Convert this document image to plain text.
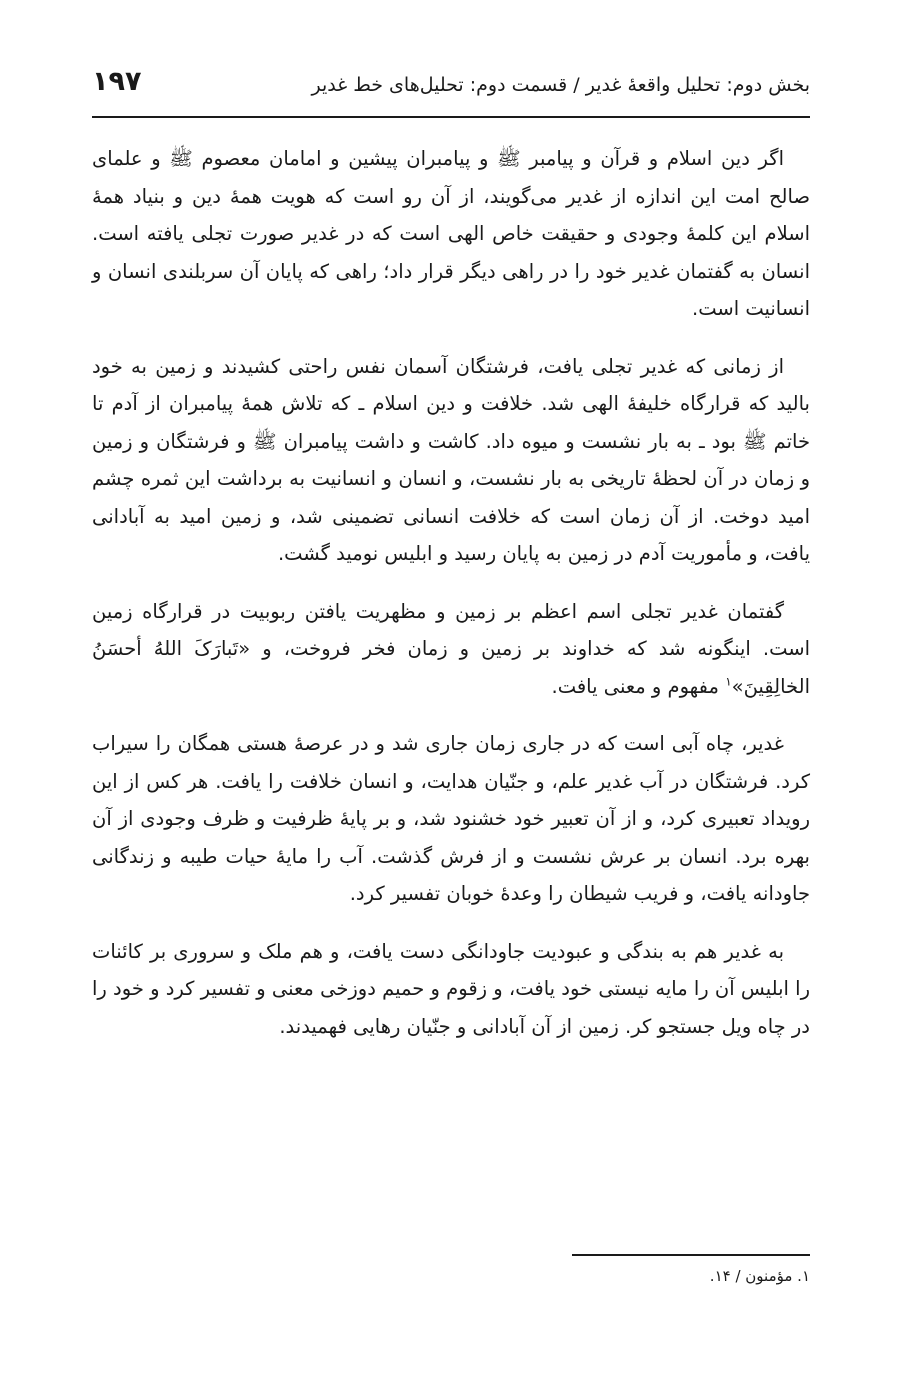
بخش دوم: تحلیل واقعۀ غدیر / قسمت دوم: تحلیل‌های خط غدیر
۱۹۷

اگر دین اسلام و قرآن و پیامبر ﷺ و پیامبران پیشین و امامان معصوم ﷺ و علمای صالح امت این اندازه از غدیر می‌گویند، از آن رو است که هویت همۀ دین و بنیاد همۀ اسلام این کلمۀ وجودی و حقیقت خاص الهی است که در غدیر صورت تجلی یافته است. انسان به گفتمان غدیر خود را در راهی دیگر قرار داد؛ راهی که پایان آن سربلندی انسان و انسانیت است.

از زمانی که غدیر تجلی یافت، فرشتگان آسمان نفس راحتی کشیدند و زمین به خود بالید که قرارگاه خلیفۀ الهی شد. خلافت و دین اسلام ـ که تلاش همۀ پیامبران از آدم تا خاتم ﷺ بود ـ به بار نشست و میوه داد. کاشت و داشت پیامبران ﷺ و فرشتگان و زمین و زمان در آن لحظۀ تاریخی به بار نشست، و انسان و انسانیت به برداشت این ثمره چشم امید دوخت. از آن زمان است که خلافت انسانی تضمینی شد، و زمین امید به آبادانی یافت، و مأموریت آدم در زمین به پایان رسید و ابلیس نومید گشت.

گفتمان غدیر تجلی اسم اعظم بر زمین و مظهریت یافتن ربوبیت در قرارگاه زمین است. اینگونه شد که خداوند بر زمین و زمان فخر فروخت، و «تَبارَکَ اللهُ أحسَنُ الخالِقِینَ»$^۱$ مفهوم و معنی یافت.

غدیر، چاه آبی است که در جاری زمان جاری شد و در عرصۀ هستی همگان را سیراب کرد. فرشتگان در آب غدیر علم، و جنّیان هدایت، و انسان خلافت را یافت. هر کس از این رویداد تعبیری کرد، و از آن تعبیر خود خشنود شد، و بر پایۀ ظرفیت و ظرف وجودی از آن بهره برد. انسان بر عرش نشست و از فرش گذشت. آب را مایۀ حیات طیبه و زندگانی جاودانه یافت، و فریب شیطان را وعدۀ خوبان تفسیر کرد.

به غدیر هم به بندگی و عبودیت جاودانگی دست یافت، و هم ملک و سروری بر کائنات را ابلیس آن را مایه نیستی خود یافت، و زقوم و حمیم دوزخی معنی و تفسیر کرد و خود را در چاه ویل جستجو کر. زمین از آن آبادانی و جنّیان رهایی فهمیدند.

۱. مؤمنون / ۱۴.
